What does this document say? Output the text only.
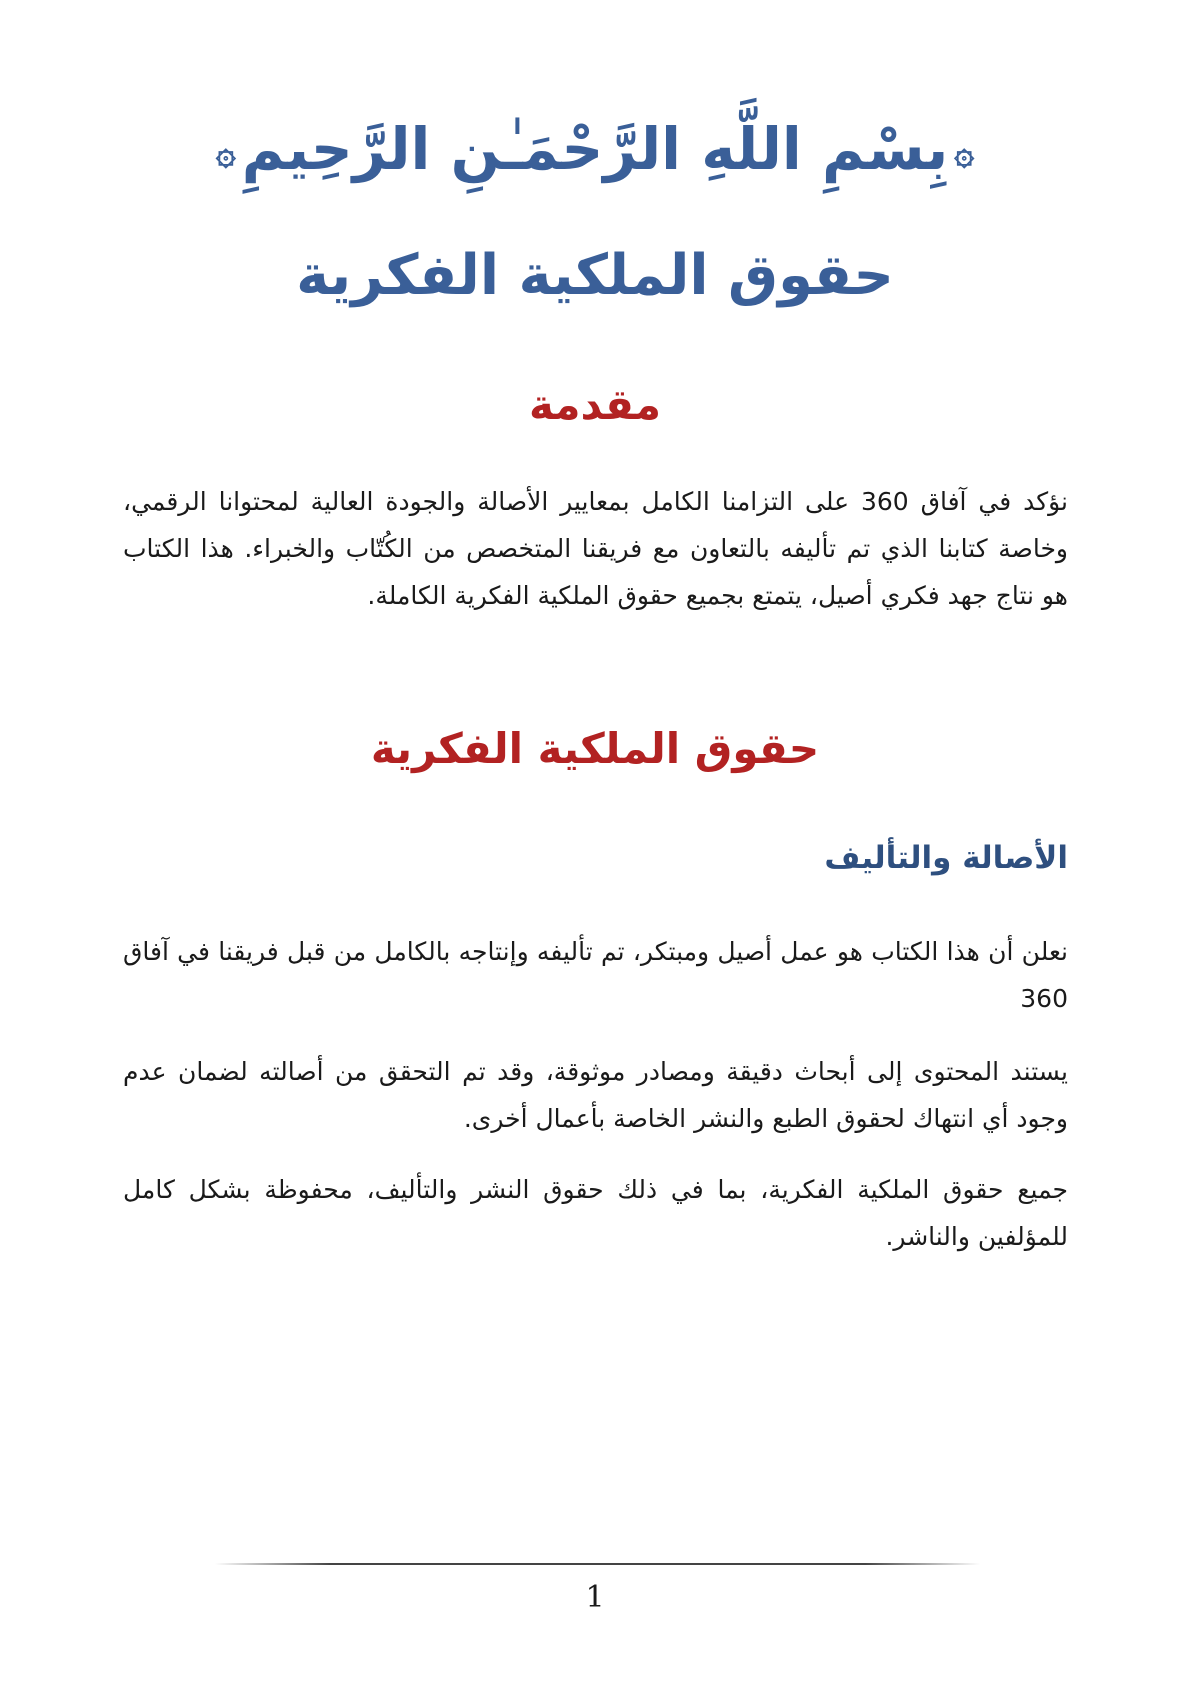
۞بِسْمِ اللَّهِ الرَّحْمَـٰنِ الرَّحِيمِ۞
حقوق الملكية الفكرية
مقدمة

نؤكد في آفاق 360 على التزامنا الكامل بمعايير الأصالة والجودة العالية لمحتوانا الرقمي، وخاصة كتابنا الذي تم تأليفه بالتعاون مع فريقنا المتخصص من الكُتّاب والخبراء. هذا الكتاب هو نتاج جهد فكري أصيل، يتمتع بجميع حقوق الملكية الفكرية الكاملة.

حقوق الملكية الفكرية
الأصالة والتأليف

نعلن أن هذا الكتاب هو عمل أصيل ومبتكر، تم تأليفه وإنتاجه بالكامل من قبل فريقنا في آفاق 360

يستند المحتوى إلى أبحاث دقيقة ومصادر موثوقة، وقد تم التحقق من أصالته لضمان عدم وجود أي انتهاك لحقوق الطبع والنشر الخاصة بأعمال أخرى.

جميع حقوق الملكية الفكرية، بما في ذلك حقوق النشر والتأليف، محفوظة بشكل كامل للمؤلفين والناشر.

1
